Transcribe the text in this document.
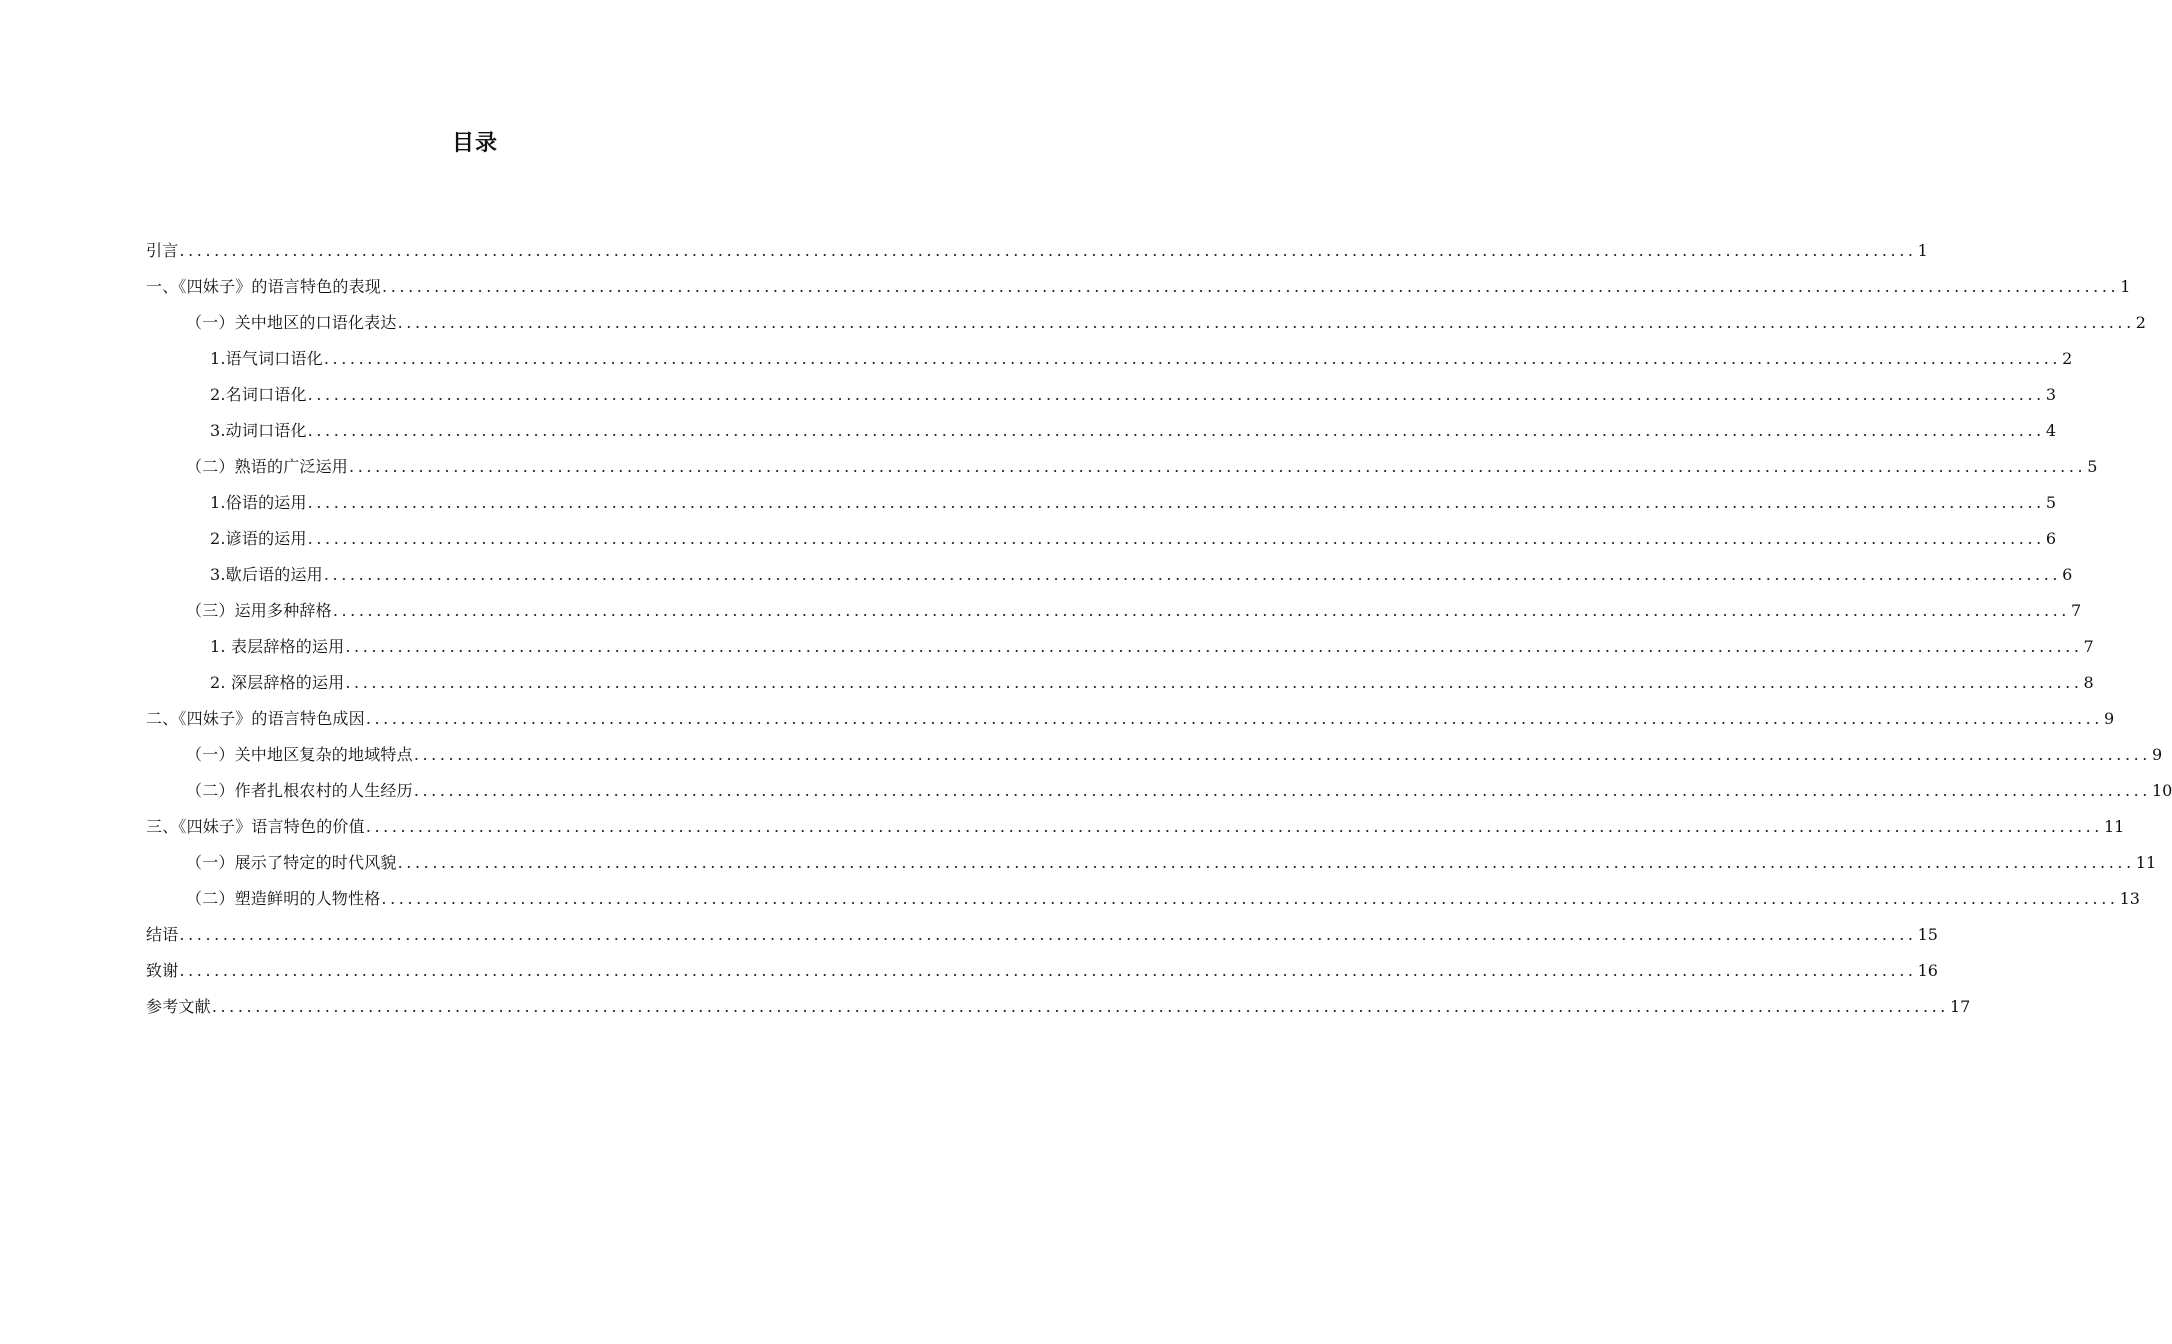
目录
引言 ........................................................................................................................................................................................................ 1
一、《四妹子》的语言特色的表现 ........................................................................................................................................................................................................ 1
（一）关中地区的口语化表达 ........................................................................................................................................................................................................ 2
1.语气词口语化 ........................................................................................................................................................................................................ 2
2.名词口语化 ........................................................................................................................................................................................................ 3
3.动词口语化 ........................................................................................................................................................................................................ 4
（二）熟语的广泛运用 ........................................................................................................................................................................................................ 5
1.俗语的运用 ........................................................................................................................................................................................................ 5
2.谚语的运用 ........................................................................................................................................................................................................ 6
3.歇后语的运用 ........................................................................................................................................................................................................ 6
（三）运用多种辞格 ........................................................................................................................................................................................................ 7
1. 表层辞格的运用 ........................................................................................................................................................................................................ 7
2. 深层辞格的运用 ........................................................................................................................................................................................................ 8
二、《四妹子》的语言特色成因 ........................................................................................................................................................................................................ 9
（一）关中地区复杂的地域特点 ........................................................................................................................................................................................................ 9
（二）作者扎根农村的人生经历 ........................................................................................................................................................................................................ 10
三、《四妹子》语言特色的价值 ........................................................................................................................................................................................................ 11
（一）展示了特定的时代风貌 ........................................................................................................................................................................................................ 11
（二）塑造鲜明的人物性格 ........................................................................................................................................................................................................ 13
结语 ........................................................................................................................................................................................................ 15
致谢 ........................................................................................................................................................................................................ 16
参考文献 ........................................................................................................................................................................................................ 17
